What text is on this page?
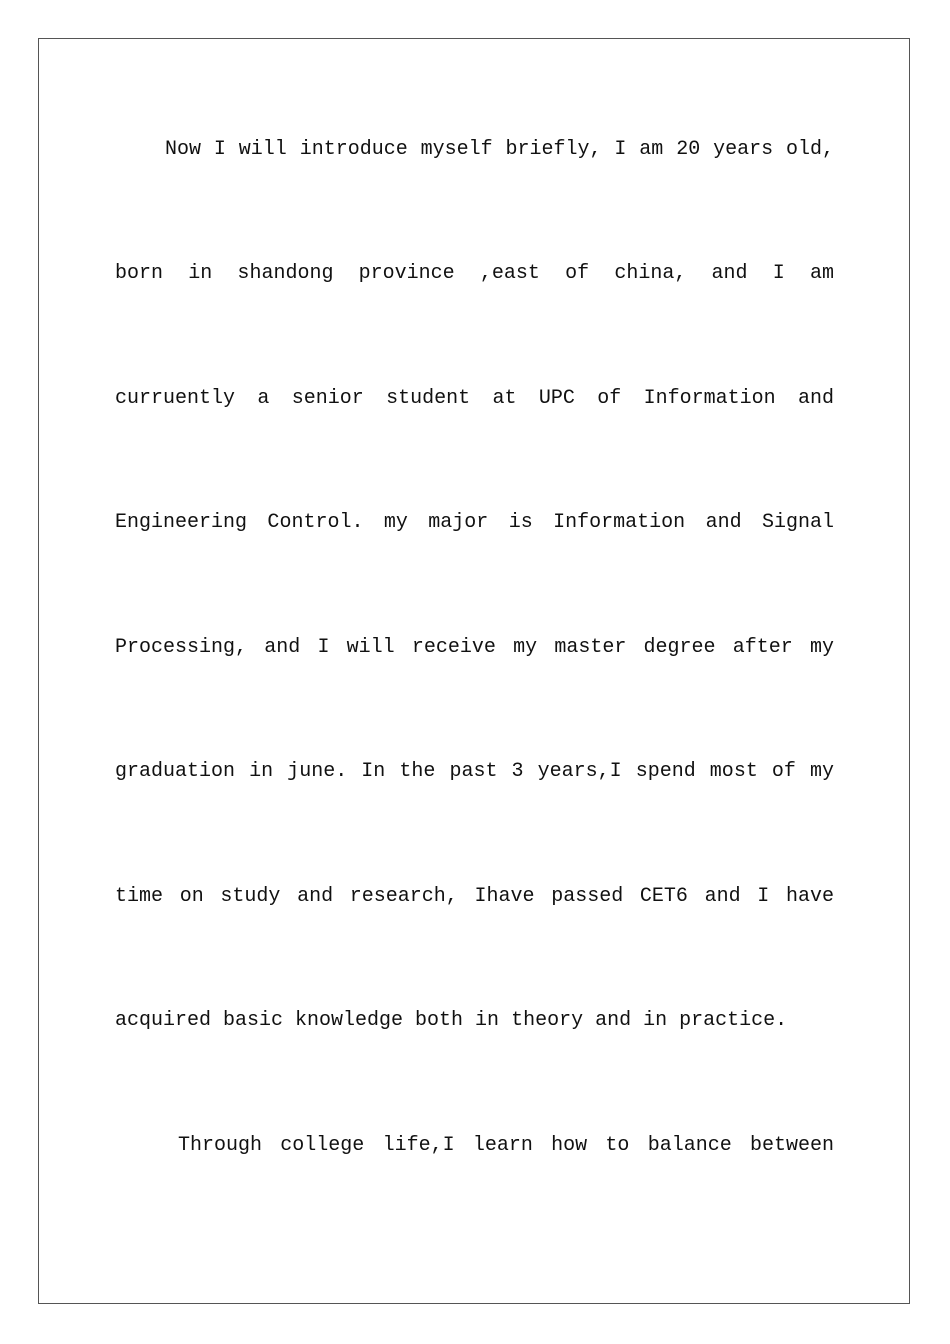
Now I will introduce myself briefly, I am 20 years old,
born in shandong province ,east of china, and I am
curruently a senior student at UPC of Information and
Engineering Control. my major is Information and Signal
Processing, and I will receive my master degree after my
graduation in june. In the past 3 years,I spend most of my
time on study and research, Ihave passed CET6 and I have
acquired basic knowledge both in theory and in practice.
Through college life,I learn how to balance between
